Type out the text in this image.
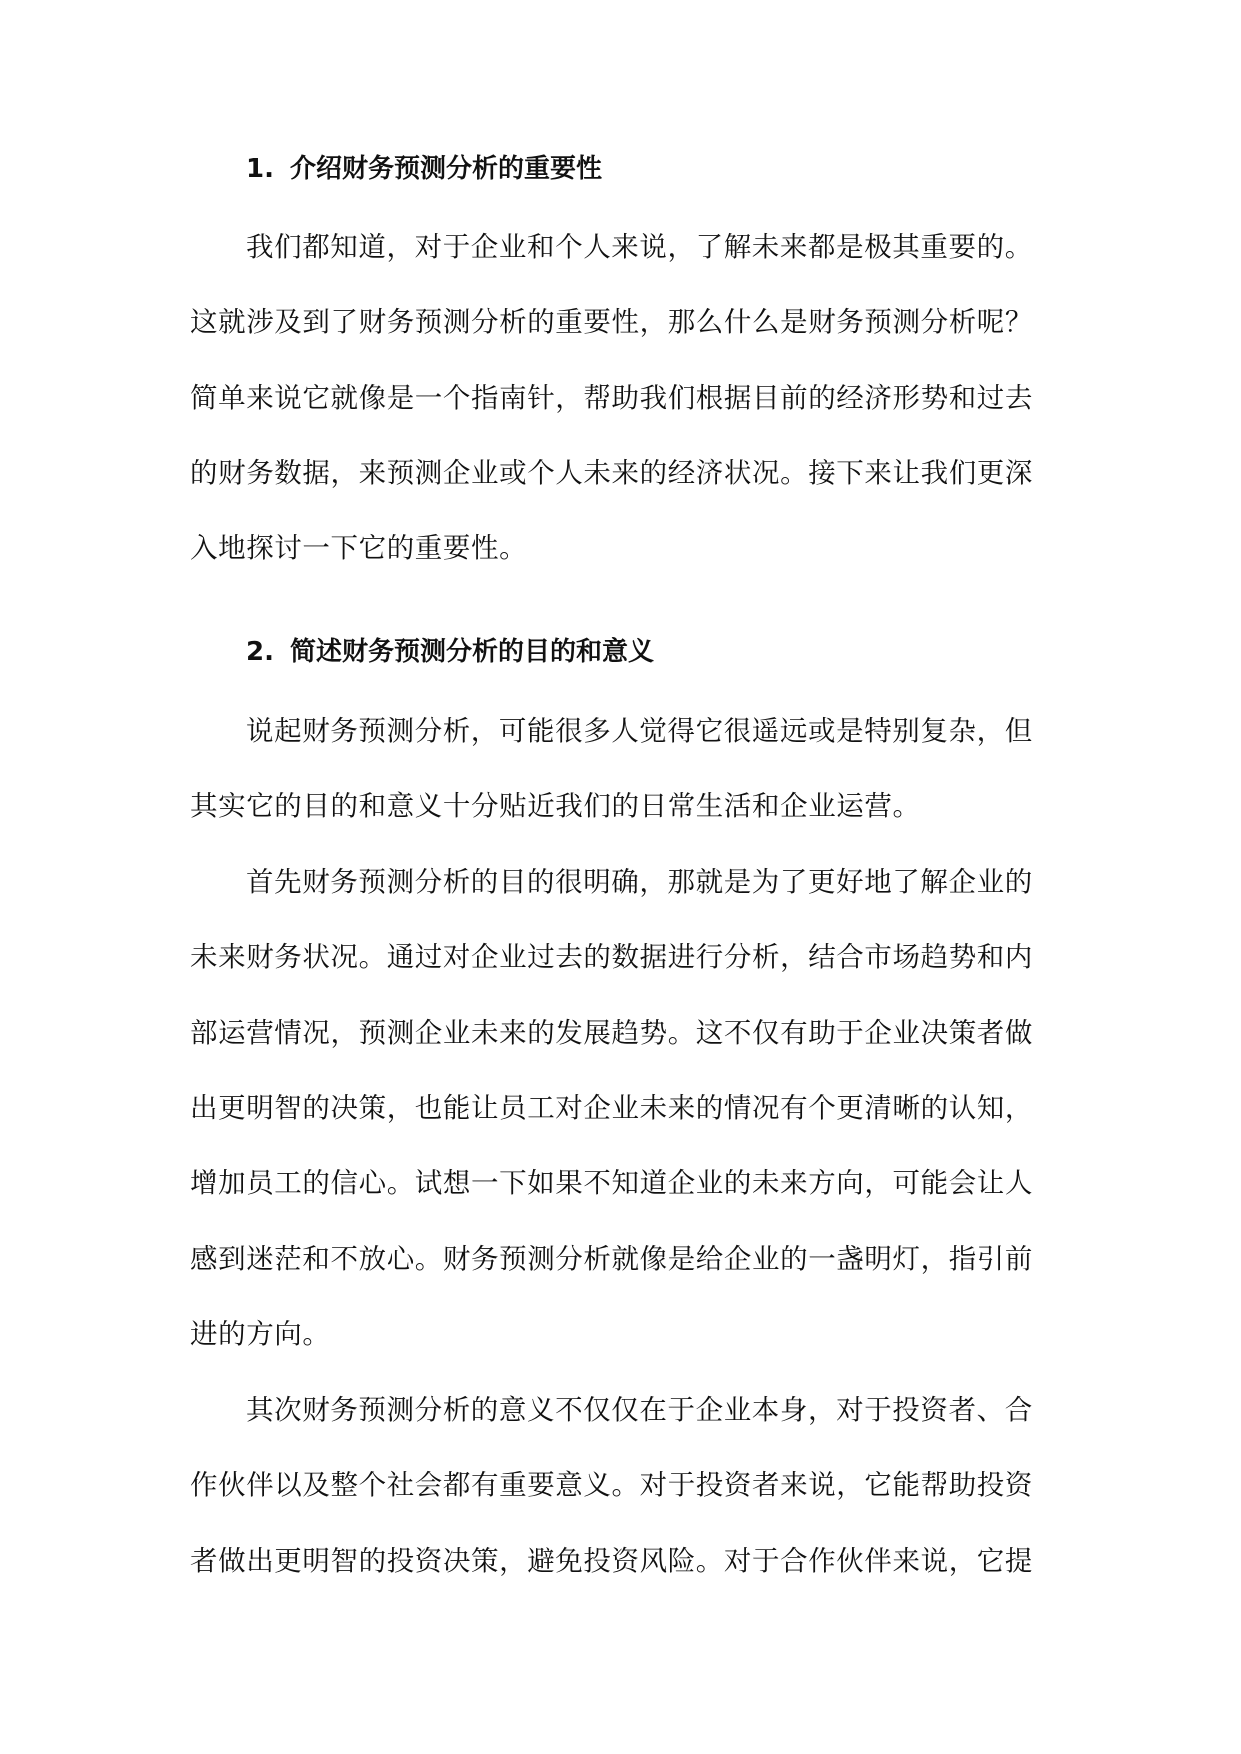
1. 介绍财务预测分析的重要性
我们都知道，对于企业和个人来说，了解未来都是极其重要的。
这就涉及到了财务预测分析的重要性，那么什么是财务预测分析呢？
简单来说它就像是一个指南针，帮助我们根据目前的经济形势和过去
的财务数据，来预测企业或个人未来的经济状况。接下来让我们更深
入地探讨一下它的重要性。
2. 简述财务预测分析的目的和意义
说起财务预测分析，可能很多人觉得它很遥远或是特别复杂，但
其实它的目的和意义十分贴近我们的日常生活和企业运营。
首先财务预测分析的目的很明确，那就是为了更好地了解企业的
未来财务状况。通过对企业过去的数据进行分析，结合市场趋势和内
部运营情况，预测企业未来的发展趋势。这不仅有助于企业决策者做
出更明智的决策，也能让员工对企业未来的情况有个更清晰的认知，
增加员工的信心。试想一下如果不知道企业的未来方向，可能会让人
感到迷茫和不放心。财务预测分析就像是给企业的一盏明灯，指引前
进的方向。
其次财务预测分析的意义不仅仅在于企业本身，对于投资者、合
作伙伴以及整个社会都有重要意义。对于投资者来说，它能帮助投资
者做出更明智的投资决策，避免投资风险。对于合作伙伴来说，它提
